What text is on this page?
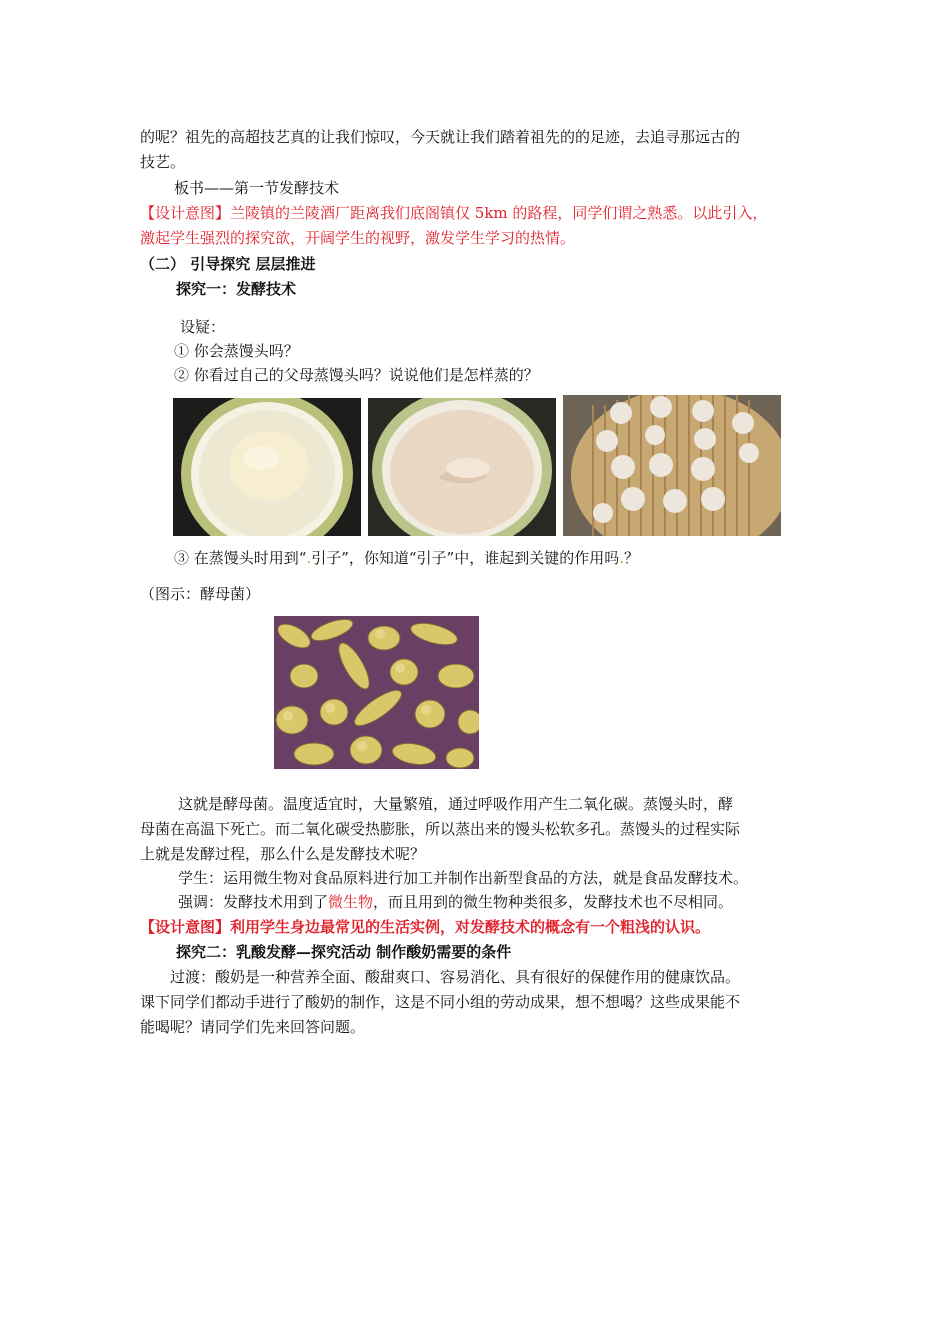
的呢？祖先的高超技艺真的让我们惊叹，今天就让我们踏着祖先的的足迹，去追寻那远古的
技艺。
板书——第一节发酵技术
【设计意图】兰陵镇的兰陵酒厂距离我们底阁镇仅 5km 的路程，同学们谓之熟悉。以此引入，
激起学生强烈的探究欲，开阔学生的视野，激发学生学习的热情。
（二） 引导探究 层层推进
探究一：发酵技术
设疑：
① 你会蒸馒头吗？
② 你看过自己的父母蒸馒头吗？说说他们是怎样蒸的？
③ 在蒸馒头时用到“.引子”，你知道“引子”中，谁起到关键的作用吗.？
（图示：酵母菌）
这就是酵母菌。温度适宜时，大量繁殖，通过呼吸作用产生二氧化碳。蒸馒头时，酵
母菌在高温下死亡。而二氧化碳受热膨胀，所以蒸出来的馒头松软多孔。蒸馒头的过程实际
上就是发酵过程，那么什么是发酵技术呢？
学生：运用微生物对食品原料进行加工并制作出新型食品的方法，就是食品发酵技术。
强调：发酵技术用到了微生物，而且用到的微生物种类很多，发酵技术也不尽相同。
【设计意图】利用学生身边最常见的生活实例，对发酵技术的概念有一个粗浅的认识。
探究二：乳酸发酵—探究活动 制作酸奶需要的条件
过渡：酸奶是一种营养全面、酸甜爽口、容易消化、具有很好的保健作用的健康饮品。
课下同学们都动手进行了酸奶的制作，这是不同小组的劳动成果，想不想喝？这些成果能不
能喝呢？请同学们先来回答问题。
